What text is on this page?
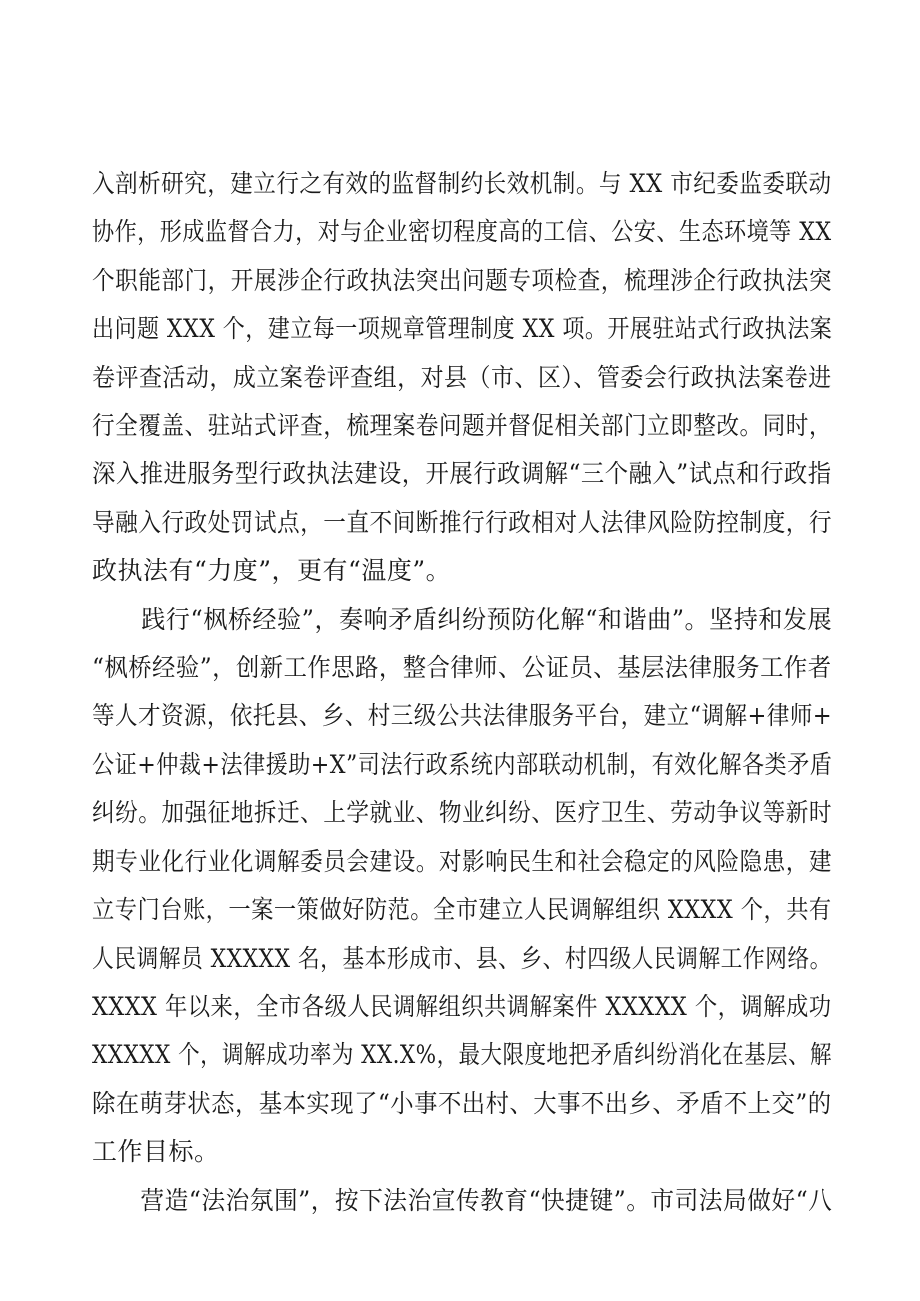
入剖析研究，建立行之有效的监督制约长效机制。与 XX 市纪委监委联动
协作，形成监督合力，对与企业密切程度高的工信、公安、生态环境等 XX
个职能部门，开展涉企行政执法突出问题专项检查，梳理涉企行政执法突
出问题 XXX 个，建立每一项规章管理制度 XX 项。开展驻站式行政执法案
卷评查活动，成立案卷评查组，对县（市、区）、管委会行政执法案卷进
行全覆盖、驻站式评查，梳理案卷问题并督促相关部门立即整改。同时，
深入推进服务型行政执法建设，开展行政调解“三个融入”试点和行政指
导融入行政处罚试点，一直不间断推行行政相对人法律风险防控制度，行
政执法有“力度”，更有“温度”。
践行“枫桥经验”，奏响矛盾纠纷预防化解“和谐曲”。坚持和发展
“枫桥经验”，创新工作思路，整合律师、公证员、基层法律服务工作者
等人才资源，依托县、乡、村三级公共法律服务平台，建立“调解+律师+
公证+仲裁+法律援助+X”司法行政系统内部联动机制，有效化解各类矛盾
纠纷。加强征地拆迁、上学就业、物业纠纷、医疗卫生、劳动争议等新时
期专业化行业化调解委员会建设。对影响民生和社会稳定的风险隐患，建
立专门台账，一案一策做好防范。全市建立人民调解组织 XXXX 个，共有
人民调解员 XXXXX 名，基本形成市、县、乡、村四级人民调解工作网络。
XXXX 年以来，全市各级人民调解组织共调解案件 XXXXX 个，调解成功
XXXXX 个，调解成功率为 XX.X%，最大限度地把矛盾纠纷消化在基层、解
除在萌芽状态，基本实现了“小事不出村、大事不出乡、矛盾不上交”的
工作目标。
营造“法治氛围”，按下法治宣传教育“快捷键”。市司法局做好“八
